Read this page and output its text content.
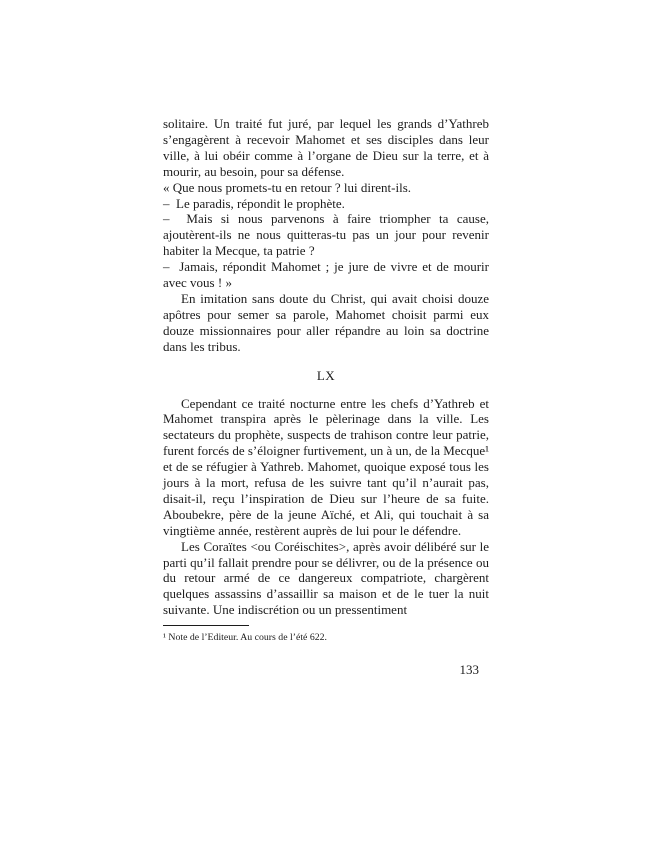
solitaire. Un traité fut juré, par lequel les grands d’Yathreb s’engagèrent à recevoir Mahomet et ses disciples dans leur ville, à lui obéir comme à l’organe de Dieu sur la terre, et à mourir, au besoin, pour sa défense.

« Que nous promets-tu en retour ? lui dirent-ils.

–  Le paradis, répondit le prophète.

–  Mais si nous parvenons à faire triompher ta cause, ajoutèrent-ils ne nous quitteras-tu pas un jour pour revenir habiter la Mecque, ta patrie ?

–  Jamais, répondit Mahomet ; je jure de vivre et de mourir avec vous ! »

En imitation sans doute du Christ, qui avait choisi douze apôtres pour semer sa parole, Mahomet choisit parmi eux douze missionnaires pour aller répandre au loin sa doctrine dans les tribus.

LX

Cependant ce traité nocturne entre les chefs d’Yathreb et Mahomet transpira après le pèlerinage dans la ville. Les sectateurs du prophète, suspects de trahison contre leur patrie, furent forcés de s’éloigner furtivement, un à un, de la Mecque¹ et de se réfugier à Yathreb. Mahomet, quoique exposé tous les jours à la mort, refusa de les suivre tant qu’il n’aurait pas, disait-il, reçu l’inspiration de Dieu sur l’heure de sa fuite. Aboubekre, père de la jeune Aïché, et Ali, qui touchait à sa vingtième année, restèrent auprès de lui pour le défendre.

Les Coraïtes <ou Coréischites>, après avoir délibéré sur le parti qu’il fallait prendre pour se délivrer, ou de la présence ou du retour armé de ce dangereux compatriote, chargèrent quelques assassins d’assaillir sa maison et de le tuer la nuit suivante. Une indiscrétion ou un pressentiment

¹ Note de l’Editeur. Au cours de l’été 622.

133
